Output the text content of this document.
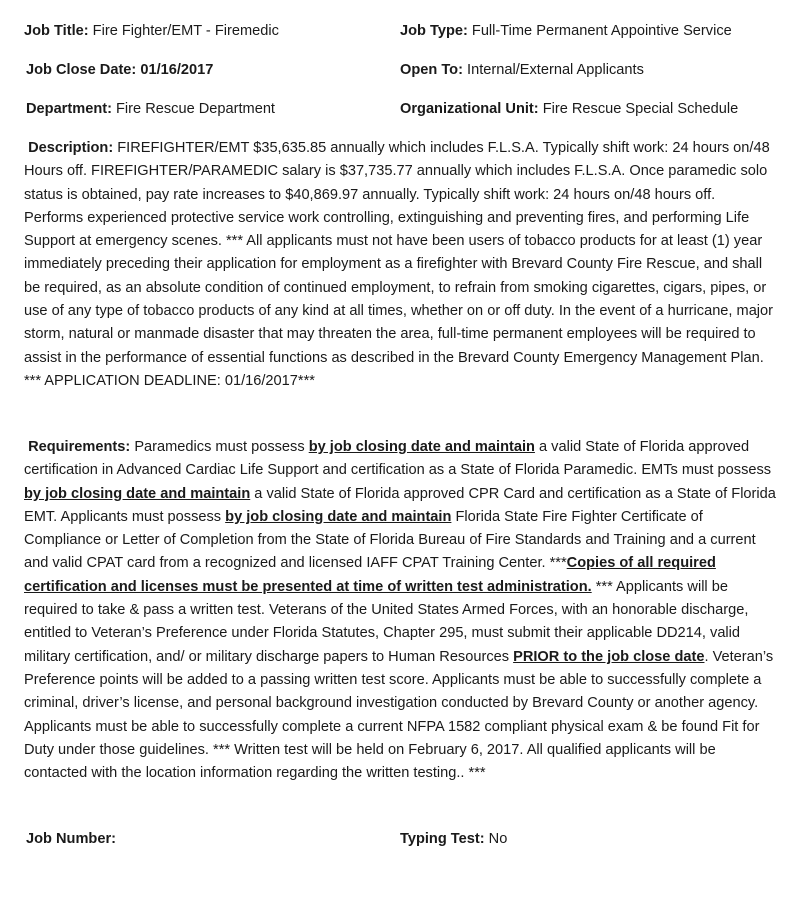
Job Title: Fire Fighter/EMT - Firemedic	Job Type: Full-Time Permanent Appointive Service
Job Close Date: 01/16/2017	Open To: Internal/External Applicants
Department: Fire Rescue Department	Organizational Unit: Fire Rescue Special Schedule

Description: FIREFIGHTER/EMT $35,635.85 annually which includes F.L.S.A. Typically shift work: 24 hours on/48 Hours off. FIREFIGHTER/PARAMEDIC salary is $37,735.77 annually which includes F.L.S.A. Once paramedic solo status is obtained, pay rate increases to $40,869.97 annually. Typically shift work: 24 hours on/48 hours off. Performs experienced protective service work controlling, extinguishing and preventing fires, and performing Life Support at emergency scenes. *** All applicants must not have been users of tobacco products for at least (1) year immediately preceding their application for employment as a firefighter with Brevard County Fire Rescue, and shall be required, as an absolute condition of continued employment, to refrain from smoking cigarettes, cigars, pipes, or use of any type of tobacco products of any kind at all times, whether on or off duty. In the event of a hurricane, major storm, natural or manmade disaster that may threaten the area, full-time permanent employees will be required to assist in the performance of essential functions as described in the Brevard County Emergency Management Plan. *** APPLICATION DEADLINE: 01/16/2017***

Requirements: Paramedics must possess by job closing date and maintain a valid State of Florida approved certification in Advanced Cardiac Life Support and certification as a State of Florida Paramedic. EMTs must possess by job closing date and maintain a valid State of Florida approved CPR Card and certification as a State of Florida EMT. Applicants must possess by job closing date and maintain Florida State Fire Fighter Certificate of Compliance or Letter of Completion from the State of Florida Bureau of Fire Standards and Training and a current and valid CPAT card from a recognized and licensed IAFF CPAT Training Center. ***Copies of all required certification and licenses must be presented at time of written test administration. *** Applicants will be required to take & pass a written test. Veterans of the United States Armed Forces, with an honorable discharge, entitled to Veteran’s Preference under Florida Statutes, Chapter 295, must submit their applicable DD214, valid military certification, and/ or military discharge papers to Human Resources PRIOR to the job close date. Veteran’s Preference points will be added to a passing written test score. Applicants must be able to successfully complete a criminal, driver’s license, and personal background investigation conducted by Brevard County or another agency. Applicants must be able to successfully complete a current NFPA 1582 compliant physical exam & be found Fit for Duty under those guidelines. *** Written test will be held on February 6, 2017. All qualified applicants will be contacted with the location information regarding the written testing.. ***

Job Number:	Typing Test: No
